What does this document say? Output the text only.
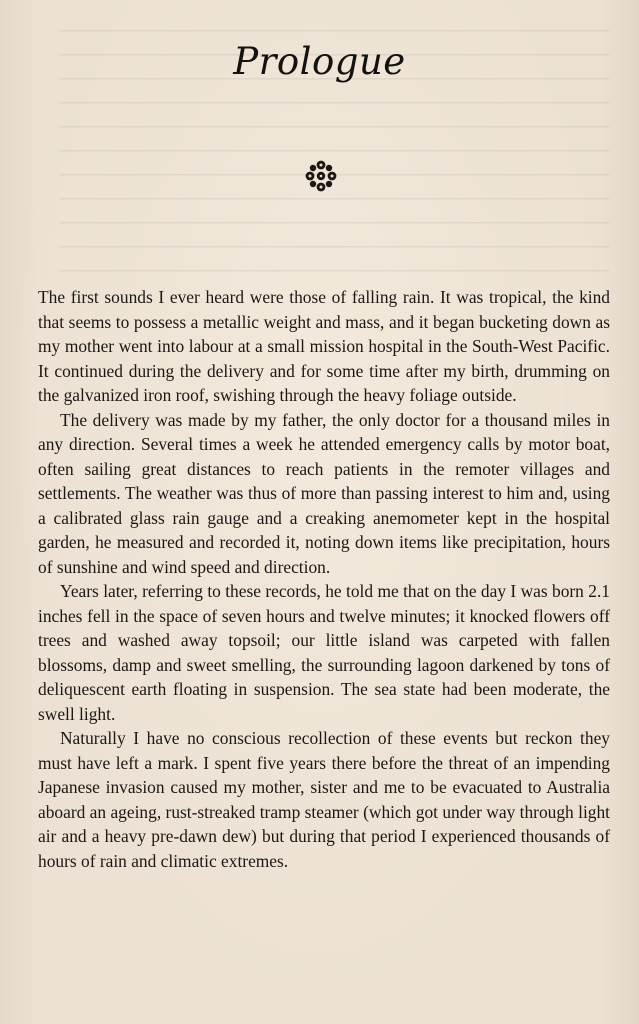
Prologue

The first sounds I ever heard were those of falling rain. It was tropical, the kind that seems to possess a metallic weight and mass, and it began bucketing down as my mother went into labour at a small mission hospital in the South-West Pacific. It continued during the delivery and for some time after my birth, drumming on the galvanized iron roof, swishing through the heavy foliage outside.

The delivery was made by my father, the only doctor for a thousand miles in any direction. Several times a week he attended emergency calls by motor boat, often sailing great distances to reach patients in the remoter villages and settlements. The weather was thus of more than passing interest to him and, using a calibrated glass rain gauge and a creaking anemometer kept in the hospital garden, he measured and recorded it, noting down items like precipitation, hours of sunshine and wind speed and direction.

Years later, referring to these records, he told me that on the day I was born 2.1 inches fell in the space of seven hours and twelve minutes; it knocked flowers off trees and washed away topsoil; our little island was carpeted with fallen blossoms, damp and sweet smelling, the surrounding lagoon darkened by tons of deliquescent earth floating in suspension. The sea state had been moderate, the swell light.

Naturally I have no conscious recollection of these events but reckon they must have left a mark. I spent five years there before the threat of an impending Japanese invasion caused my mother, sister and me to be evacuated to Australia aboard an ageing, rust-streaked tramp steamer (which got under way through light air and a heavy pre-dawn dew) but during that period I experienced thousands of hours of rain and climatic extremes.
